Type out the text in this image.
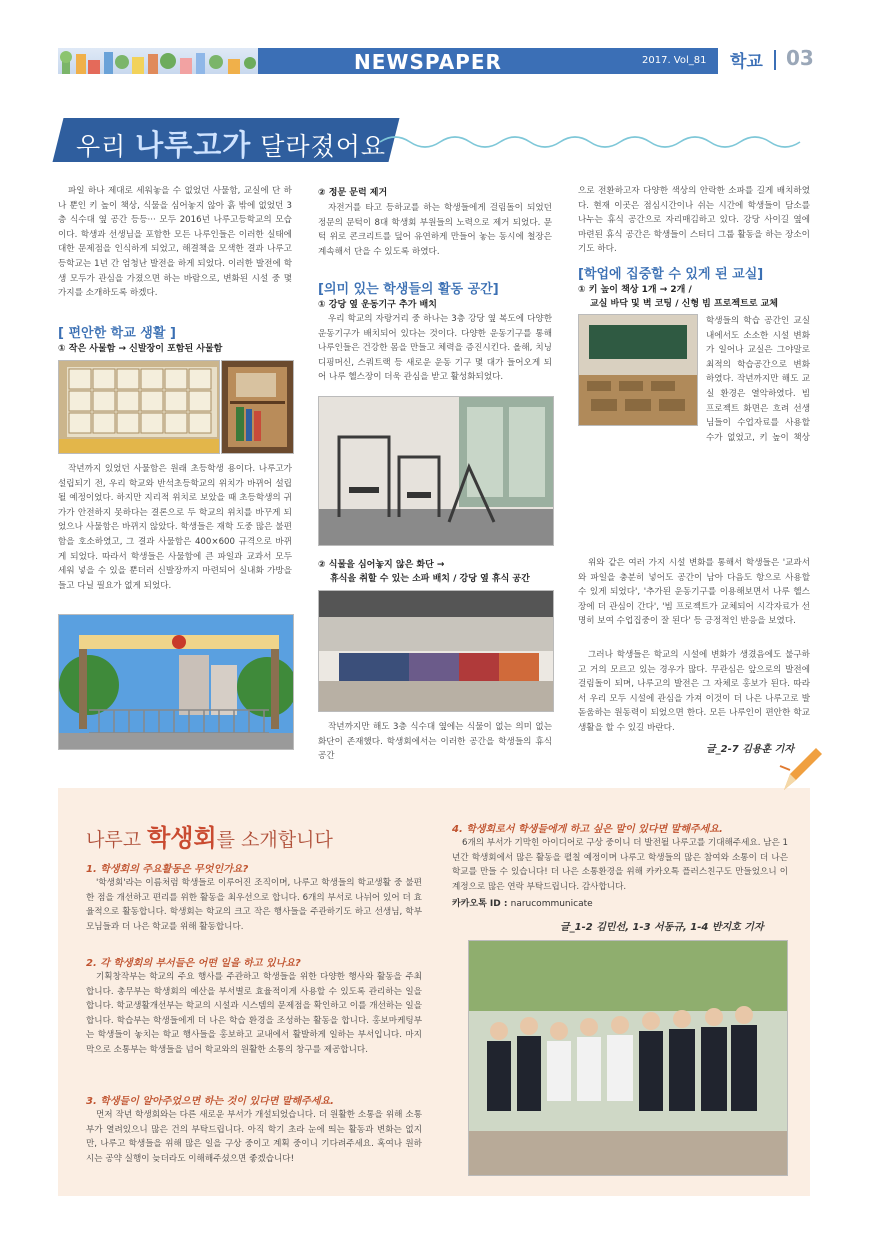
NEWSPAPER	2017. Vol_81 학교 03
우리 나루고가 달라졌어요
파일 하나 제대로 세워놓을 수 없었던 사물함, 교실에 단 하나 뿐인 키 높이 책상, 식물을 심어놓지 않아 흙 밖에 없었던 3층 식수대 옆 공간 등등··· 모두 2016년 나루고등학교의 모습이다. 학생과 선생님을 포함한 모든 나루인들은 이러한 실태에 대한 문제점을 인식하게 되었고, 해결책을 모색한 결과 나루고등학교는 1년 간 엄청난 발전을 하게 되었다. 이러한 발전에 학생 모두가 관심을 가졌으면 하는 바람으로, 변화된 시설 중 몇 가지를 소개하도록 하겠다.
[ 편안한 학교 생활 ]
① 작은 사물함 → 신발장이 포함된 사물함
작년까지 있었던 사물함은 원래 초등학생 용이다. 나루고가 설립되기 전, 우리 학교와 반석초등학교의 위치가 바뀌어 설립될 예정이었다. 하지만 지리적 위치로 보았을 때 초등학생의 귀가가 안전하지 못하다는 결론으로 두 학교의 위치를 바꾸게 되었으나 사물함은 바뀌지 않았다. 학생들은 재학 도중 많은 불편함을 호소하였고, 그 결과 사물함은 400×600 규격으로 바뀌게 되었다. 따라서 학생들은 사물함에 큰 파일과 교과서 모두 세워 넣을 수 있을 뿐더러 신발장까지 마련되어 실내화 가방을 들고 다닐 필요가 없게 되었다.
② 정문 문럭 제거
자전거를 타고 등하교를 하는 학생들에게 걸림돌이 되었던 정문의 문턱이 8대 학생회 부원들의 노력으로 제거 되었다. 문턱 위로 콘크리트를 덮어 유연하게 만들어 놓는 동시에 철장은 계속해서 단을 수 있도록 하였다.
[의미 있는 학생들의 활동 공간]
① 강당 옆 운동기구 추가 배치
우리 학교의 자랑거리 중 하나는 3층 강당 옆 복도에 다양한 운동기구가 배치되어 있다는 것이다. 다양한 운동기구를 통해 나루인들은 건강한 몸을 만들고 체력을 증진시킨다. 올해, 치닝디핑머신, 스쿼트랙 등 새로운 운동 기구 몇 대가 들어오게 되어 나루 헬스장이 더욱 관심을 받고 활성화되었다.
② 식물을 심어놓지 않은 화단 →
휴식을 취할 수 있는 소파 배치 / 강당 옆 휴식 공간
작년까지만 해도 3층 식수대 옆에는 식물이 없는 의미 없는 화단이 존재했다. 학생회에서는 이러한 공간을 학생들의 휴식 공간
으로 전환하고자 다양한 색상의 안락한 소파를 길게 배치하였다. 현재 이곳은 점심시간이나 쉬는 시간에 학생들이 담소를 나누는 휴식 공간으로 자리매김하고 있다. 강당 사이길 옆에 마련된 휴식 공간은 학생들이 스터디 그룹 활동을 하는 장소이기도 하다.
[학업에 집중할 수 있게 된 교실]
① 키 높이 책상 1개 → 2개 /
교실 바닥 및 벽 코팅 / 신형 빔 프로젝트로 교체
학생들의 학습 공간인 교실 내에서도 소소한 시설 변화가 일어나 교실은 그야말로 최적의 학습공간으로 변화하였다. 작년까지만 해도 교실 환경은 열악하였다. 빔 프로젝트 화면은 흐려 선생님들이 수업자료를 사용할 수가 없었고, 키 높이 책상
위와 같은 여러 가지 시설 변화를 통해서 학생들은 '교과서와 파일을 충분히 넣어도 공간이 남아 다음도 항으로 사용할 수 있게 되었다', '추가된 운동기구를 이용해보면서 나루 헬스장에 더 관심이 간다', '빔 프로젝트가 교체되어 시각자료가 선명히 보여 수업집중이 잘 된다' 등 긍정적인 반응을 보였다.
그러나 학생들은 학교의 시설에 변화가 생겼음에도 불구하고 거의 모르고 있는 경우가 많다. 무관심은 앞으로의 발전에 걸림돌이 되며, 나루고의 발전은 그 자체로 홍보가 된다. 따라서 우리 모두 시설에 관심을 가져 이것이 더 나은 나루고로 발돋움하는 원동력이 되었으면 한다. 모든 나루인이 편안한 학교생활을 할 수 있길 바란다.
글_2-7 김용훈 기자
나루고 학생회를 소개합니다
1. 학생회의 주요활동은 무엇인가요?
'학생회'라는 이름처럼 학생들로 이루어진 조직이며, 나루고 학생들의 학교생활 중 불편한 점을 개선하고 편리를 위한 활동을 최우선으로 합니다. 6개의 부서로 나뉘어 있어 더 효율적으로 활동합니다. 학생회는 학교의 크고 작은 행사들을 주관하기도 하고 선생님, 학부모님들과 더 나은 학교를 위해 활동합니다.
2. 각 학생회의 부서들은 어떤 일을 하고 있나요?
기획창작부는 학교의 주요 행사를 주관하고 학생들을 위한 다양한 행사와 활동을 주최합니다. 총무부는 학생회의 예산을 부서별로 효율적이게 사용할 수 있도록 관리하는 일을 합니다. 학교생활개선부는 학교의 시설과 시스템의 문제점을 확인하고 이를 개선하는 일을 합니다. 학습부는 학생들에게 더 나은 학습 환경을 조성하는 활동을 합니다. 홍보마케팅부는 학생들이 놓치는 학교 행사들을 홍보하고 교내에서 활발하게 일하는 부서입니다. 마지막으로 소통부는 학생들을 넘어 학교와의 원활한 소통의 창구를 제공합니다.
3. 학생들이 알아주었으면 하는 것이 있다면 말해주세요.
먼저 작년 학생회와는 다른 새로운 부서가 개설되었습니다. 더 원활한 소통을 위해 소통부가 열려있으니 많은 건의 부탁드립니다. 아직 학기 초라 눈에 띄는 활동과 변화는 없지만, 나루고 학생들을 위해 많은 일을 구상 중이고 계획 중이니 기다려주세요. 혹여나 원하시는 공약 실행이 늦더라도 이해해주셨으면 좋겠습니다!
4. 학생회로서 학생들에게 하고 싶은 말이 있다면 말해주세요.
6개의 부서가 기막힌 아이디어로 구상 중이니 더 발전될 나루고를 기대해주세요. 남은 1년간 학생회에서 많은 활동을 펼칠 예정이며 나루고 학생들의 많은 참여와 소통이 더 나은 학교를 만들 수 있습니다! 더 나은 소통환경을 위해 카카오톡 플러스친구도 만들었으니 이 계정으로 많은 연락 부탁드립니다. 감사합니다.
카카오톡 ID : narucommunicate
글_1-2 김민선, 1-3 서동규, 1-4 반지호 기자
